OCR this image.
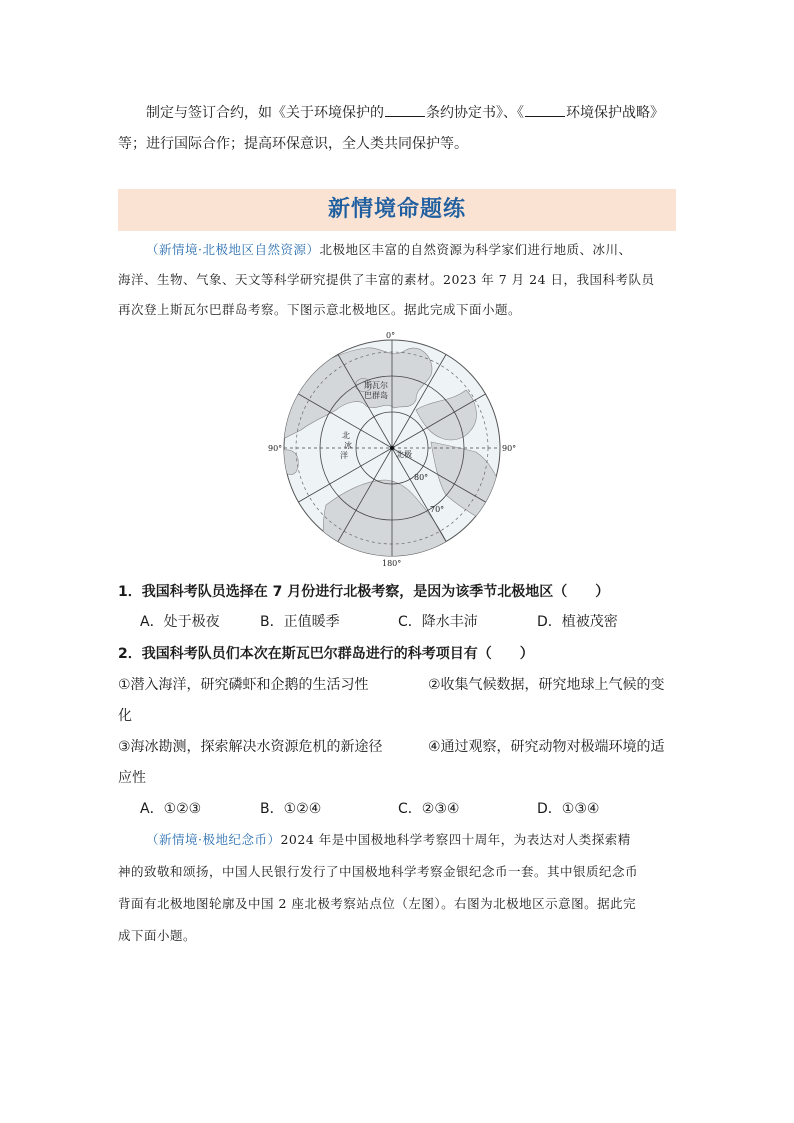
制定与签订合约，如《关于环境保护的	条约协定书》、《	环境保护战略》
等；进行国际合作；提高环保意识，全人类共同保护等。
新情境命题练
（新情境·北极地区自然资源）北极地区丰富的自然资源为科学家们进行地质、冰川、
海洋、生物、气象、天文等科学研究提供了丰富的素材。2023 年 7 月 24 日，我国科考队员
再次登上斯瓦尔巴群岛考察。下图示意北极地区。据此完成下面小题。
0°
180°
90°	90°
80°
70°
斯瓦尔
巴群岛
北
冰
洋	北极
1．我国科考队员选择在 7 月份进行北极考察，是因为该季节北极地区（　　）
A．处于极夜	B．正值暖季	C．降水丰沛	D．植被茂密
2．我国科考队员们本次在斯瓦巴尔群岛进行的科考项目有（　　）
①潜入海洋，研究磷虾和企鹅的生活习性	②收集气候数据，研究地球上气候的变
化
③海冰勘测，探索解决水资源危机的新途径	④通过观察，研究动物对极端环境的适
应性
A．①②③	B．①②④	C．②③④	D．①③④
（新情境·极地纪念币）2024 年是中国极地科学考察四十周年，为表达对人类探索精
神的致敬和颂扬，中国人民银行发行了中国极地科学考察金银纪念币一套。其中银质纪念币
背面有北极地图轮廓及中国 2 座北极考察站点位（左图）。右图为北极地区示意图。据此完
成下面小题。
